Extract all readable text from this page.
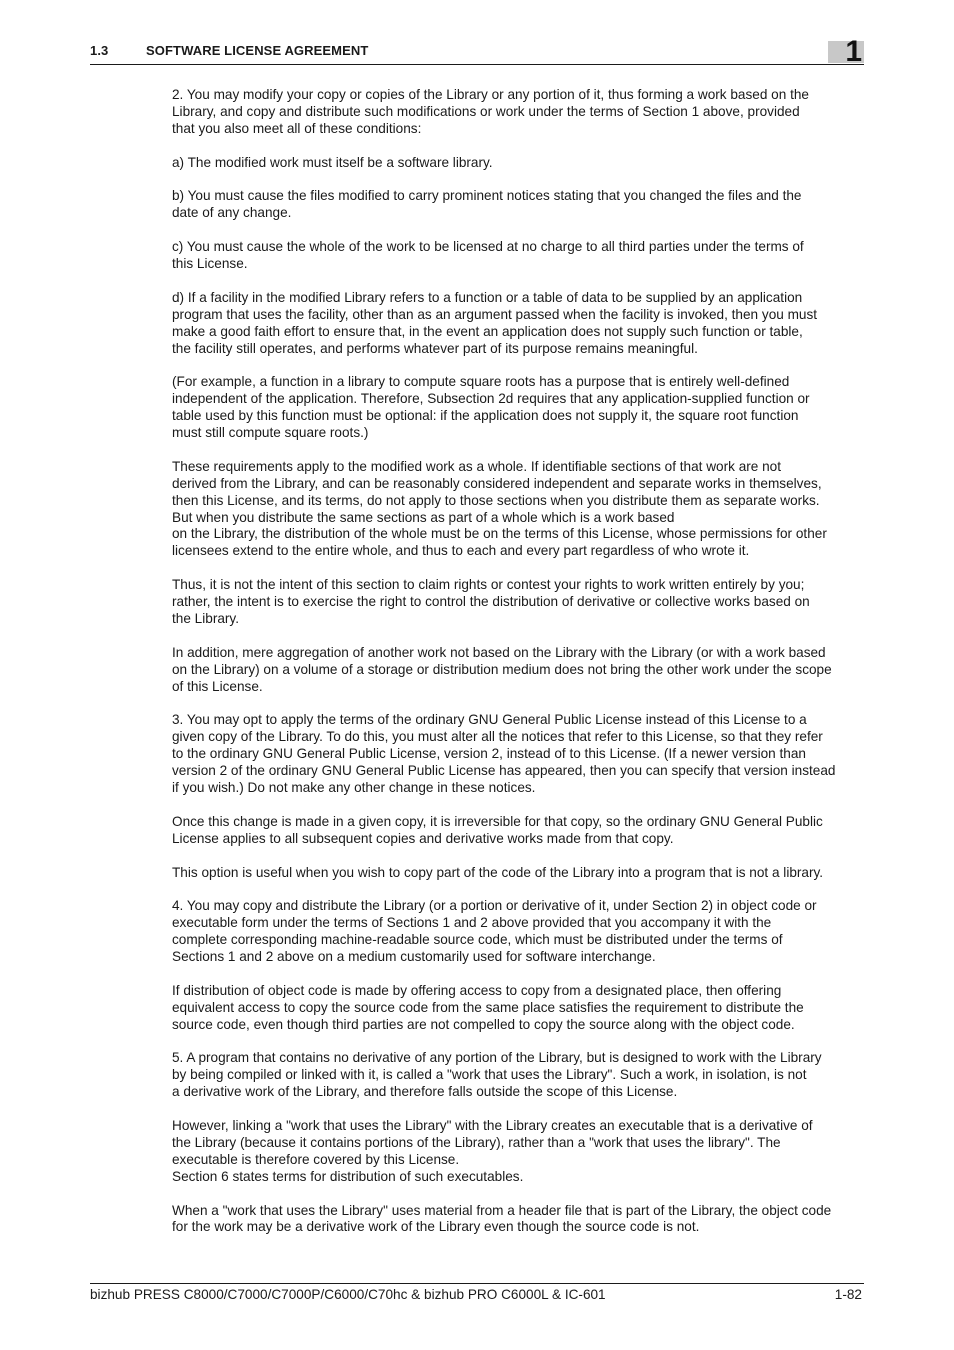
1.3	SOFTWARE LICENSE AGREEMENT	1

2. You may modify your copy or copies of the Library or any portion of it, thus forming a work based on the
Library, and copy and distribute such modifications or work under the terms of Section 1 above, provided
that you also meet all of these conditions:

a) The modified work must itself be a software library.

b) You must cause the files modified to carry prominent notices stating that you changed the files and the
date of any change.

c) You must cause the whole of the work to be licensed at no charge to all third parties under the terms of
this License.

d) If a facility in the modified Library refers to a function or a table of data to be supplied by an application
program that uses the facility, other than as an argument passed when the facility is invoked, then you must
make a good faith effort to ensure that, in the event an application does not supply such function or table,
the facility still operates, and performs whatever part of its purpose remains meaningful.

(For example, a function in a library to compute square roots has a purpose that is entirely well-defined
independent of the application. Therefore, Subsection 2d requires that any application-supplied function or
table used by this function must be optional: if the application does not supply it, the square root function
must still compute square roots.)

These requirements apply to the modified work as a whole. If identifiable sections of that work are not
derived from the Library, and can be reasonably considered independent and separate works in themselves,
then this License, and its terms, do not apply to those sections when you distribute them as separate works.
But when you distribute the same sections as part of a whole which is a work based
on the Library, the distribution of the whole must be on the terms of this License, whose permissions for other
licensees extend to the entire whole, and thus to each and every part regardless of who wrote it.

Thus, it is not the intent of this section to claim rights or contest your rights to work written entirely by you;
rather, the intent is to exercise the right to control the distribution of derivative or collective works based on
the Library.

In addition, mere aggregation of another work not based on the Library with the Library (or with a work based
on the Library) on a volume of a storage or distribution medium does not bring the other work under the scope
of this License.

3. You may opt to apply the terms of the ordinary GNU General Public License instead of this License to a
given copy of the Library. To do this, you must alter all the notices that refer to this License, so that they refer
to the ordinary GNU General Public License, version 2, instead of to this License. (If a newer version than
version 2 of the ordinary GNU General Public License has appeared, then you can specify that version instead
if you wish.) Do not make any other change in these notices.

Once this change is made in a given copy, it is irreversible for that copy, so the ordinary GNU General Public
License applies to all subsequent copies and derivative works made from that copy.

This option is useful when you wish to copy part of the code of the Library into a program that is not a library.

4. You may copy and distribute the Library (or a portion or derivative of it, under Section 2) in object code or
executable form under the terms of Sections 1 and 2 above provided that you accompany it with the
complete corresponding machine-readable source code, which must be distributed under the terms of
Sections 1 and 2 above on a medium customarily used for software interchange.

If distribution of object code is made by offering access to copy from a designated place, then offering
equivalent access to copy the source code from the same place satisfies the requirement to distribute the
source code, even though third parties are not compelled to copy the source along with the object code.

5. A program that contains no derivative of any portion of the Library, but is designed to work with the Library
by being compiled or linked with it, is called a "work that uses the Library". Such a work, in isolation, is not
a derivative work of the Library, and therefore falls outside the scope of this License.

However, linking a "work that uses the Library" with the Library creates an executable that is a derivative of
the Library (because it contains portions of the Library), rather than a "work that uses the library". The
executable is therefore covered by this License.
Section 6 states terms for distribution of such executables.

When a "work that uses the Library" uses material from a header file that is part of the Library, the object code
for the work may be a derivative work of the Library even though the source code is not.

bizhub PRESS C8000/C7000/C7000P/C6000/C70hc & bizhub PRO C6000L & IC-601	1-82
